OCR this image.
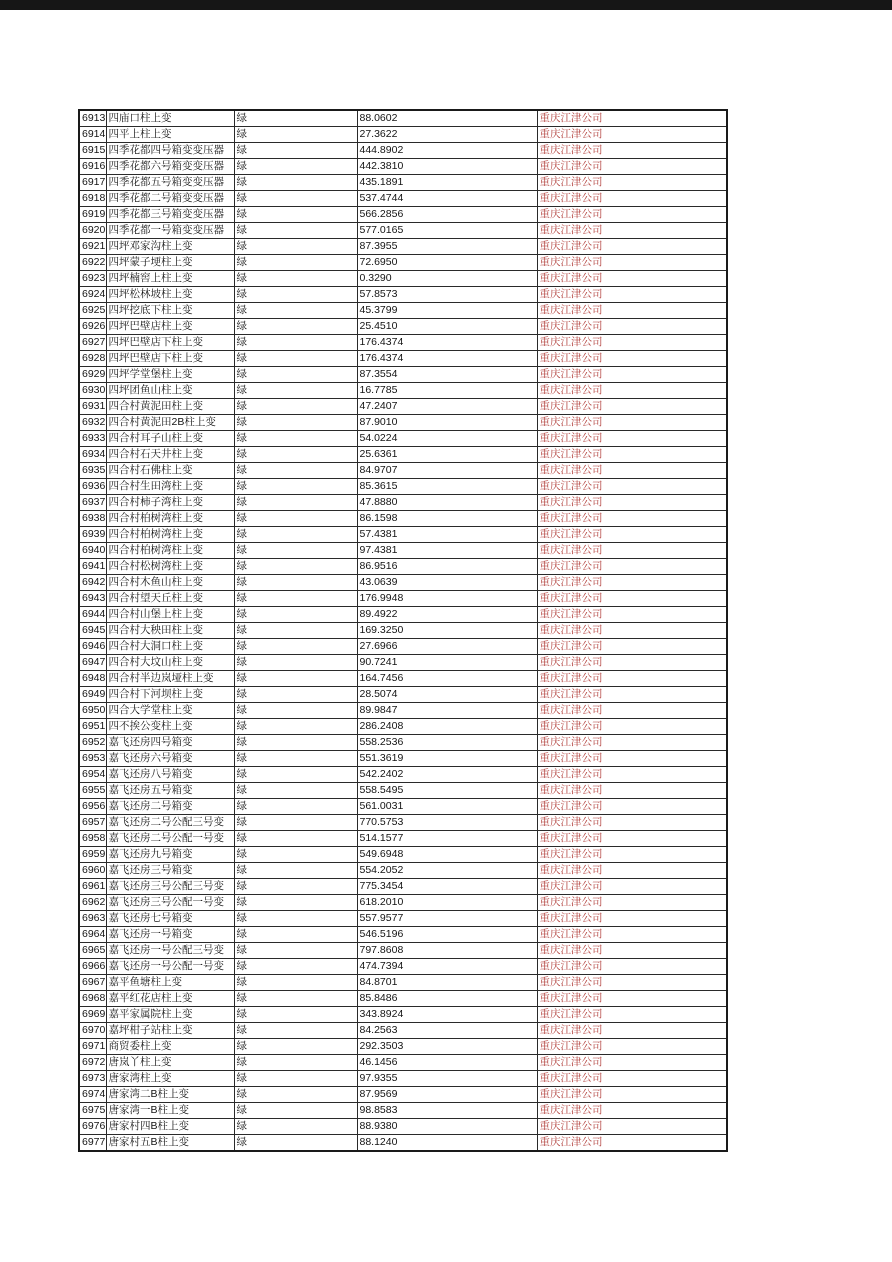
6913	四庙口柱上变	绿	88.0602	重庆江津公司
6914	四平上柱上变	绿	27.3622	重庆江津公司
6915	四季花都四号箱变变压器	绿	444.8902	重庆江津公司
6916	四季花都六号箱变变压器	绿	442.3810	重庆江津公司
6917	四季花都五号箱变变压器	绿	435.1891	重庆江津公司
6918	四季花都二号箱变变压器	绿	537.4744	重庆江津公司
6919	四季花都三号箱变变压器	绿	566.2856	重庆江津公司
6920	四季花都一号箱变变压器	绿	577.0165	重庆江津公司
6921	四坪邓家沟柱上变	绿	87.3955	重庆江津公司
6922	四坪蒙子埂柱上变	绿	72.6950	重庆江津公司
6923	四坪楠窖上柱上变	绿	0.3290	重庆江津公司
6924	四坪松林坡柱上变	绿	57.8573	重庆江津公司
6925	四坪挖底下柱上变	绿	45.3799	重庆江津公司
6926	四坪巴壁店柱上变	绿	25.4510	重庆江津公司
6927	四坪巴壁店下柱上变	绿	176.4374	重庆江津公司
6928	四坪巴壁店下柱上变	绿	176.4374	重庆江津公司
6929	四坪学堂堡柱上变	绿	87.3554	重庆江津公司
6930	四坪团鱼山柱上变	绿	16.7785	重庆江津公司
6931	四合村黄泥田柱上变	绿	47.2407	重庆江津公司
6932	四合村黄泥田2B柱上变	绿	87.9010	重庆江津公司
6933	四合村耳子山柱上变	绿	54.0224	重庆江津公司
6934	四合村石天井柱上变	绿	25.6361	重庆江津公司
6935	四合村石佛柱上变	绿	84.9707	重庆江津公司
6936	四合村生田湾柱上变	绿	85.3615	重庆江津公司
6937	四合村柿子湾柱上变	绿	47.8880	重庆江津公司
6938	四合村柏树湾柱上变	绿	86.1598	重庆江津公司
6939	四合村柏树湾柱上变	绿	57.4381	重庆江津公司
6940	四合村柏树湾柱上变	绿	97.4381	重庆江津公司
6941	四合村松树湾柱上变	绿	86.9516	重庆江津公司
6942	四合村木鱼山柱上变	绿	43.0639	重庆江津公司
6943	四合村望天丘柱上变	绿	176.9948	重庆江津公司
6944	四合村山堡上柱上变	绿	89.4922	重庆江津公司
6945	四合村大秧田柱上变	绿	169.3250	重庆江津公司
6946	四合村大洞口柱上变	绿	27.6966	重庆江津公司
6947	四合村大坟山柱上变	绿	90.7241	重庆江津公司
6948	四合村半边岚垭柱上变	绿	164.7456	重庆江津公司
6949	四合村下河坝柱上变	绿	28.5074	重庆江津公司
6950	四合大学堂柱上变	绿	89.9847	重庆江津公司
6951	四不挨公变柱上变	绿	286.2408	重庆江津公司
6952	嘉飞还房四号箱变	绿	558.2536	重庆江津公司
6953	嘉飞还房六号箱变	绿	551.3619	重庆江津公司
6954	嘉飞还房八号箱变	绿	542.2402	重庆江津公司
6955	嘉飞还房五号箱变	绿	558.5495	重庆江津公司
6956	嘉飞还房二号箱变	绿	561.0031	重庆江津公司
6957	嘉飞还房二号公配三号变	绿	770.5753	重庆江津公司
6958	嘉飞还房二号公配一号变	绿	514.1577	重庆江津公司
6959	嘉飞还房九号箱变	绿	549.6948	重庆江津公司
6960	嘉飞还房三号箱变	绿	554.2052	重庆江津公司
6961	嘉飞还房三号公配三号变	绿	775.3454	重庆江津公司
6962	嘉飞还房三号公配一号变	绿	618.2010	重庆江津公司
6963	嘉飞还房七号箱变	绿	557.9577	重庆江津公司
6964	嘉飞还房一号箱变	绿	546.5196	重庆江津公司
6965	嘉飞还房一号公配三号变	绿	797.8608	重庆江津公司
6966	嘉飞还房一号公配一号变	绿	474.7394	重庆江津公司
6967	嘉平鱼塘柱上变	绿	84.8701	重庆江津公司
6968	嘉平红花店柱上变	绿	85.8486	重庆江津公司
6969	嘉平家属院柱上变	绿	343.8924	重庆江津公司
6970	嘉坪柑子站柱上变	绿	84.2563	重庆江津公司
6971	商贸委柱上变	绿	292.3503	重庆江津公司
6972	唐岚丫柱上变	绿	46.1456	重庆江津公司
6973	唐家湾柱上变	绿	97.9355	重庆江津公司
6974	唐家湾二B柱上变	绿	87.9569	重庆江津公司
6975	唐家湾一B柱上变	绿	98.8583	重庆江津公司
6976	唐家村四B柱上变	绿	88.9380	重庆江津公司
6977	唐家村五B柱上变	绿	88.1240	重庆江津公司
